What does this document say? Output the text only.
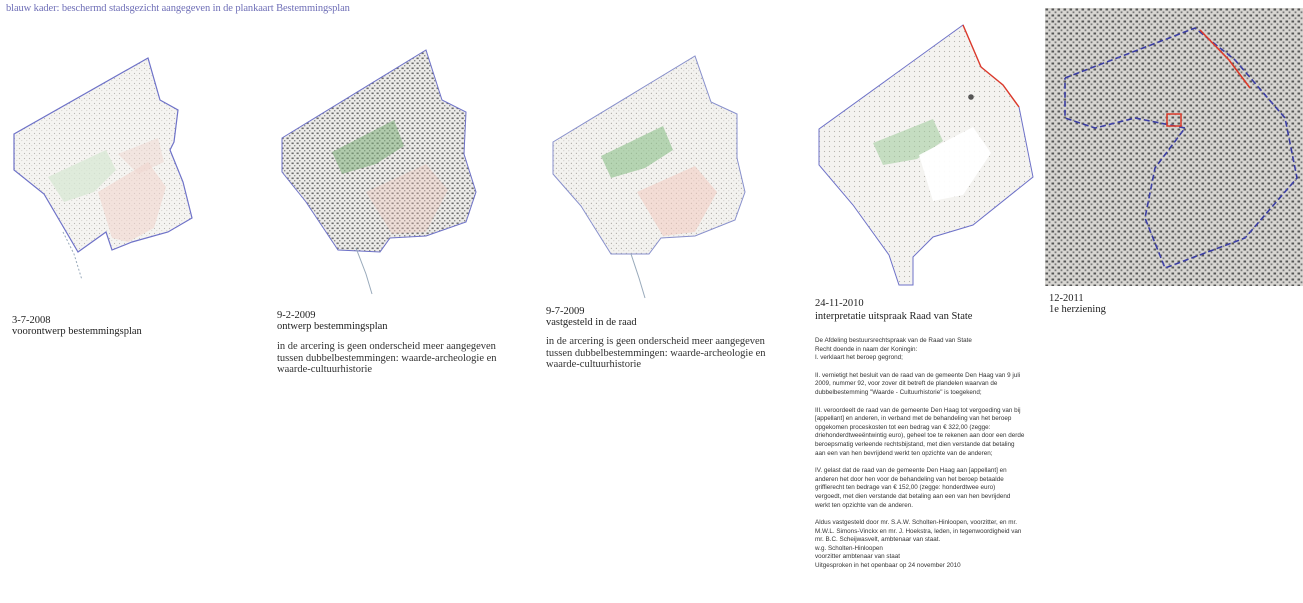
blauw kader: beschermd stadsgezicht aangegeven in de plankaart Bestemmingsplan
3-7-2008
voorontwerp bestemmingsplan
9-2-2009
ontwerp bestemmingsplan
in de arcering is geen onderscheid meer aangegeven tussen dubbelbestemmingen: waarde-archeologie en waarde-cultuurhistorie
9-7-2009
vastgesteld in de raad
in de arcering is geen onderscheid meer aangegeven tussen dubbelbestemmingen: waarde-archeologie en waarde-cultuurhistorie
24-11-2010
interpretatie uitspraak Raad van State
12-2011
1e herziening

De Afdeling bestuursrechtspraak van de Raad van State
Recht doende in naam der Koningin:
I. verklaart het beroep gegrond;

II. vernietigt het besluit van de raad van de gemeente Den Haag van 9 juli
2009, nummer 92, voor zover dit betreft de plandelen waarvan de
dubbelbestemming "Waarde - Cultuurhistorie" is toegekend;

III. veroordeelt de raad van de gemeente Den Haag tot vergoeding van bij
[appellant] en anderen, in verband met de behandeling van het beroep
opgekomen proceskosten tot een bedrag van € 322,00 (zegge:
driehonderdtweeëntwintig euro), geheel toe te rekenen aan door een derde
beroepsmatig verleende rechtsbijstand, met dien verstande dat betaling
aan een van hen bevrijdend werkt ten opzichte van de anderen;

IV. gelast dat de raad van de gemeente Den Haag aan [appellant] en
anderen het door hen voor de behandeling van het beroep betaalde
griffierecht ten bedrage van € 152,00 (zegge: honderdtwee euro)
vergoedt, met dien verstande dat betaling aan een van hen bevrijdend
werkt ten opzichte van de anderen.

Aldus vastgesteld door mr. S.A.W. Scholten-Hinloopen, voorzitter, en mr.
M.W.L. Simons-Vinckx en mr. J. Hoekstra, leden, in tegenwoordigheid van
mr. B.C. Scheijwasvelt, ambtenaar van staat.
w.g. Scholten-Hinloopen
voorzitter ambtenaar van staat
Uitgesproken in het openbaar op 24 november 2010
